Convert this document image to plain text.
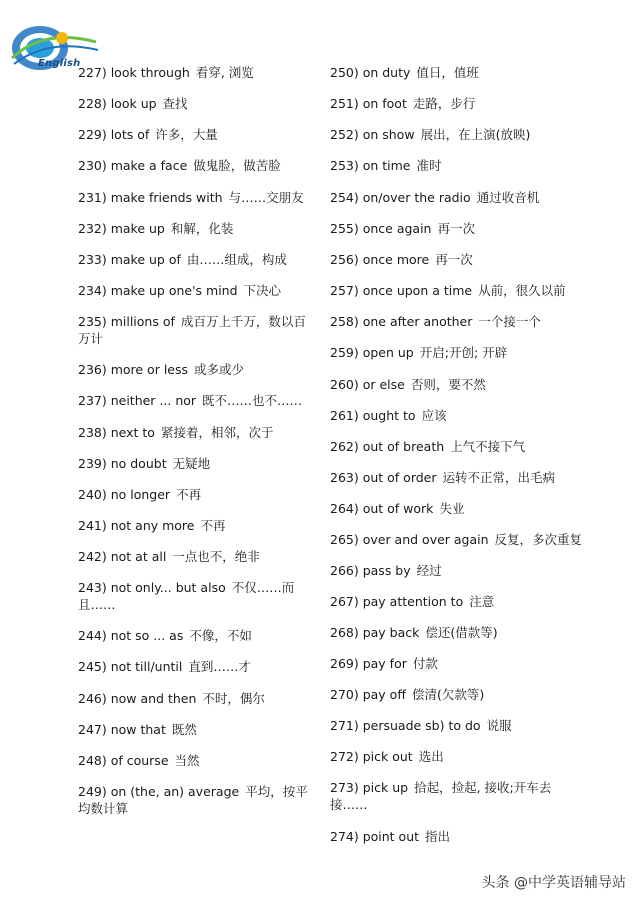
English
227) look through 看穿, 浏览
228) look up 查找
229) lots of 许多，大量
230) make a face 做鬼脸，做苦脸
231) make friends with 与……交朋友
232) make up 和解，化装
233) make up of 由……组成，构成
234) make up one's mind 下决心
235) millions of 成百万上千万，数以百万计
236) more or less 或多或少
237) neither ... nor 既不……也不……
238) next to 紧接着，相邻，次于
239) no doubt 无疑地
240) no longer 不再
241) not any more 不再
242) not at all 一点也不，绝非
243) not only... but also 不仅……而且……
244) not so ... as 不像，不如
245) not till/until 直到……才
246) now and then 不时，偶尔
247) now that 既然
248) of course 当然
249) on (the, an) average 平均，按平均数计算
250) on duty 值日，值班
251) on foot 走路，步行
252) on show 展出，在上演(放映)
253) on time 准时
254) on/over the radio 通过收音机
255) once again 再一次
256) once more 再一次
257) once upon a time 从前，很久以前
258) one after another 一个接一个
259) open up 开启;开创; 开辟
260) or else 否则，要不然
261) ought to 应该
262) out of breath 上气不接下气
263) out of order 运转不正常，出毛病
264) out of work 失业
265) over and over again 反复，多次重复
266) pass by 经过
267) pay attention to 注意
268) pay back 偿还(借款等)
269) pay for 付款
270) pay off 偿清(欠款等)
271) persuade sb) to do 说服
272) pick out 选出
273) pick up 拾起，捡起, 接收;开车去接……
274) point out 指出
头条 @中学英语辅导站
